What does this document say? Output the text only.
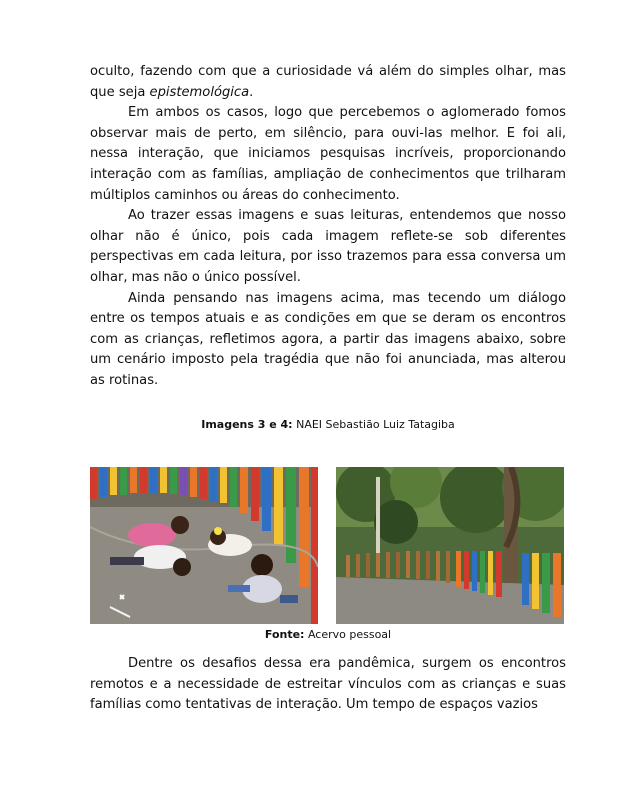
oculto, fazendo com que a curiosidade vá além do simples olhar, mas que seja epistemológica.

Em ambos os casos, logo que percebemos o aglomerado fomos observar mais de perto, em silêncio, para ouvi-las melhor. E foi ali, nessa interação, que iniciamos pesquisas incríveis, proporcionando interação com as famílias, ampliação de conhecimentos que trilharam múltiplos caminhos ou áreas do conhecimento.

Ao trazer essas imagens e suas leituras, entendemos que nosso olhar não é único, pois cada imagem reflete-se sob diferentes perspectivas em cada leitura, por isso trazemos para essa conversa um olhar, mas não o único possível.

Ainda pensando nas imagens acima, mas tecendo um diálogo entre os tempos atuais e as condições em que se deram os encontros com as crianças, refletimos agora, a partir das imagens abaixo, sobre um cenário imposto pela tragédia que não foi anunciada, mas alterou as rotinas.

Imagens 3 e 4: NAEI Sebastião Luiz Tatagiba
Fonte: Acervo pessoal

Dentre os desafios dessa era pandêmica, surgem os encontros remotos e a necessidade de estreitar vínculos com as crianças e suas famílias como tentativas de interação. Um tempo de espaços vazios
